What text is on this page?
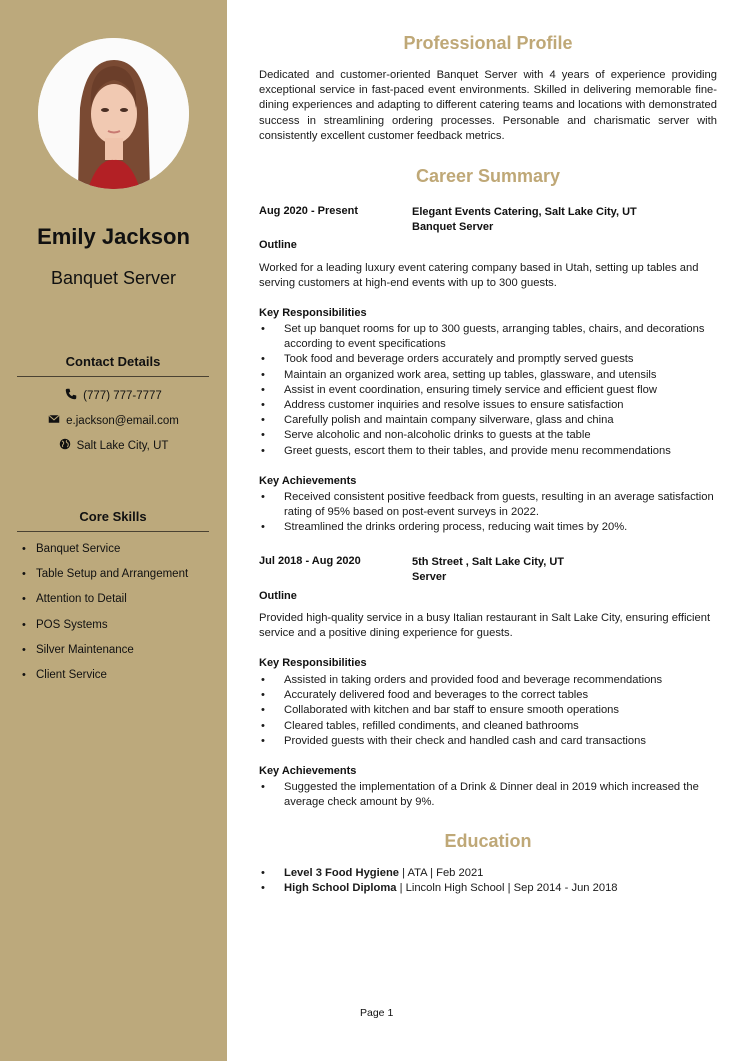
Emily Jackson
Banquet Server
Contact Details
(777) 777-7777
e.jackson@email.com
Salt Lake City, UT
Core Skills
• Banquet Service
• Table Setup and Arrangement
• Attention to Detail
• POS Systems
• Silver Maintenance
• Client Service
Professional Profile
Dedicated and customer-oriented Banquet Server with 4 years of experience providing exceptional service in fast-paced event environments. Skilled in delivering memorable fine-dining experiences and adapting to different catering teams and locations with demonstrated success in streamlining ordering processes. Personable and charismatic server with consistently excellent customer feedback metrics.
Career Summary
Aug 2020 - Present	Elegant Events Catering, Salt Lake City, UT
Banquet Server
Outline
Worked for a leading luxury event catering company based in Utah, setting up tables and serving customers at high-end events with up to 300 guests.
Key Responsibilities
• Set up banquet rooms for up to 300 guests, arranging tables, chairs, and decorations according to event specifications
• Took food and beverage orders accurately and promptly served guests
• Maintain an organized work area, setting up tables, glassware, and utensils
• Assist in event coordination, ensuring timely service and efficient guest flow
• Address customer inquiries and resolve issues to ensure satisfaction
• Carefully polish and maintain company silverware, glass and china
• Serve alcoholic and non-alcoholic drinks to guests at the table
• Greet guests, escort them to their tables, and provide menu recommendations
Key Achievements
• Received consistent positive feedback from guests, resulting in an average satisfaction rating of 95% based on post-event surveys in 2022.
• Streamlined the drinks ordering process, reducing wait times by 20%.
Jul 2018 - Aug 2020	5th Street , Salt Lake City, UT
Server
Outline
Provided high-quality service in a busy Italian restaurant in Salt Lake City, ensuring efficient service and a positive dining experience for guests.
Key Responsibilities
• Assisted in taking orders and provided food and beverage recommendations
• Accurately delivered food and beverages to the correct tables
• Collaborated with kitchen and bar staff to ensure smooth operations
• Cleared tables, refilled condiments, and cleaned bathrooms
• Provided guests with their check and handled cash and card transactions
Key Achievements
• Suggested the implementation of a Drink & Dinner deal in 2019 which increased the average check amount by 9%.
Education
• Level 3 Food Hygiene | ATA | Feb 2021
• High School Diploma | Lincoln High School | Sep 2014 - Jun 2018
Page 1
